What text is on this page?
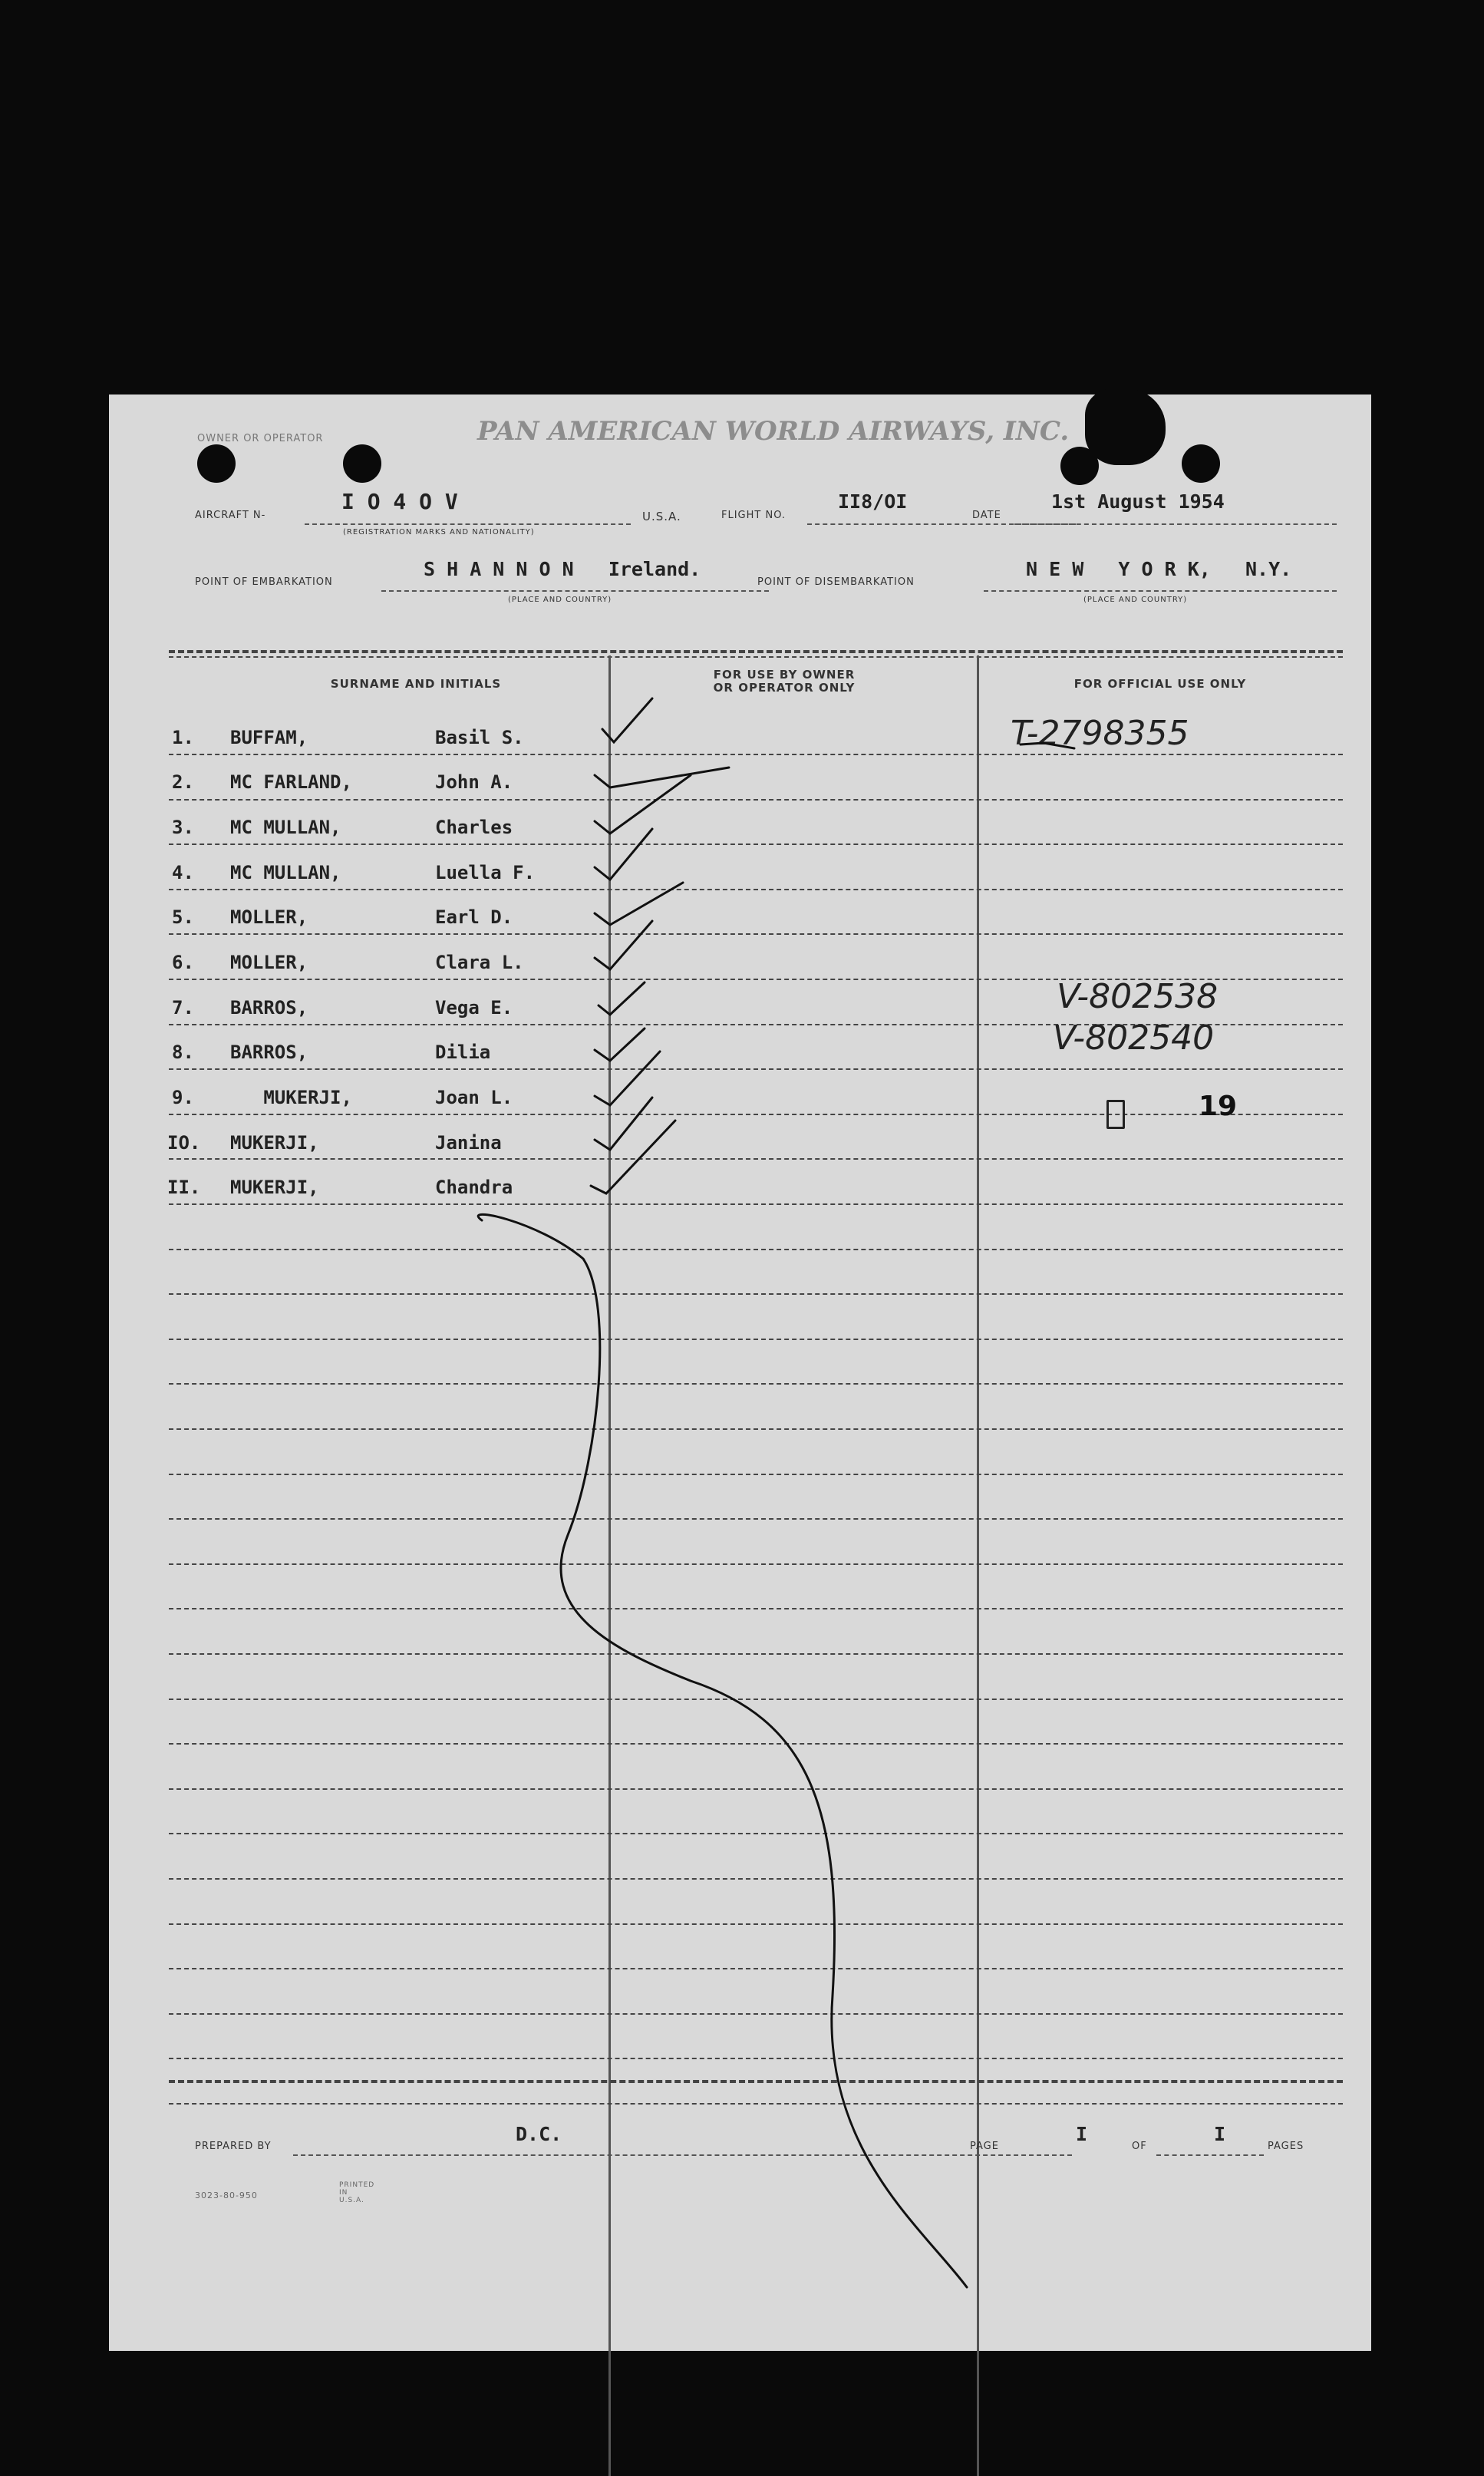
OWNER OR OPERATOR	PAN AMERICAN WORLD AIRWAYS, INC.
AIRCRAFT N-
I O 4 O V
(REGISTRATION MARKS AND NATIONALITY)
U.S.A.	FLIGHT NO.
II8/OI
DATE
1st August 1954
POINT OF EMBARKATION
S H A N N O N   Ireland.
(PLACE AND COUNTRY)
POINT OF DISEMBARKATION
N E W   Y O R K,   N.Y.
(PLACE AND COUNTRY)
SURNAME AND INITIALS
FOR USE BY OWNER
OR OPERATOR ONLY	FOR OFFICIAL USE ONLY
1. BUFFAM,	Basil S.
2. MC FARLAND,	John A.
3. MC MULLAN,	Charles
4. MC MULLAN,	Luella F.
5. MOLLER,	Earl D.
6. MOLLER,	Clara L.
7. BARROS,	Vega E.
8. BARROS,	Dilia
9. MUKERJI,	Joan L.
IO. MUKERJI,	Janina
II. MUKERJI,	Chandra
T-2798355
V-802538
V-802540
19
PREPARED BY
D.C.
PAGE
I
OF
I
PAGES
3023-80-950
PRINTED IN U.S.A.
